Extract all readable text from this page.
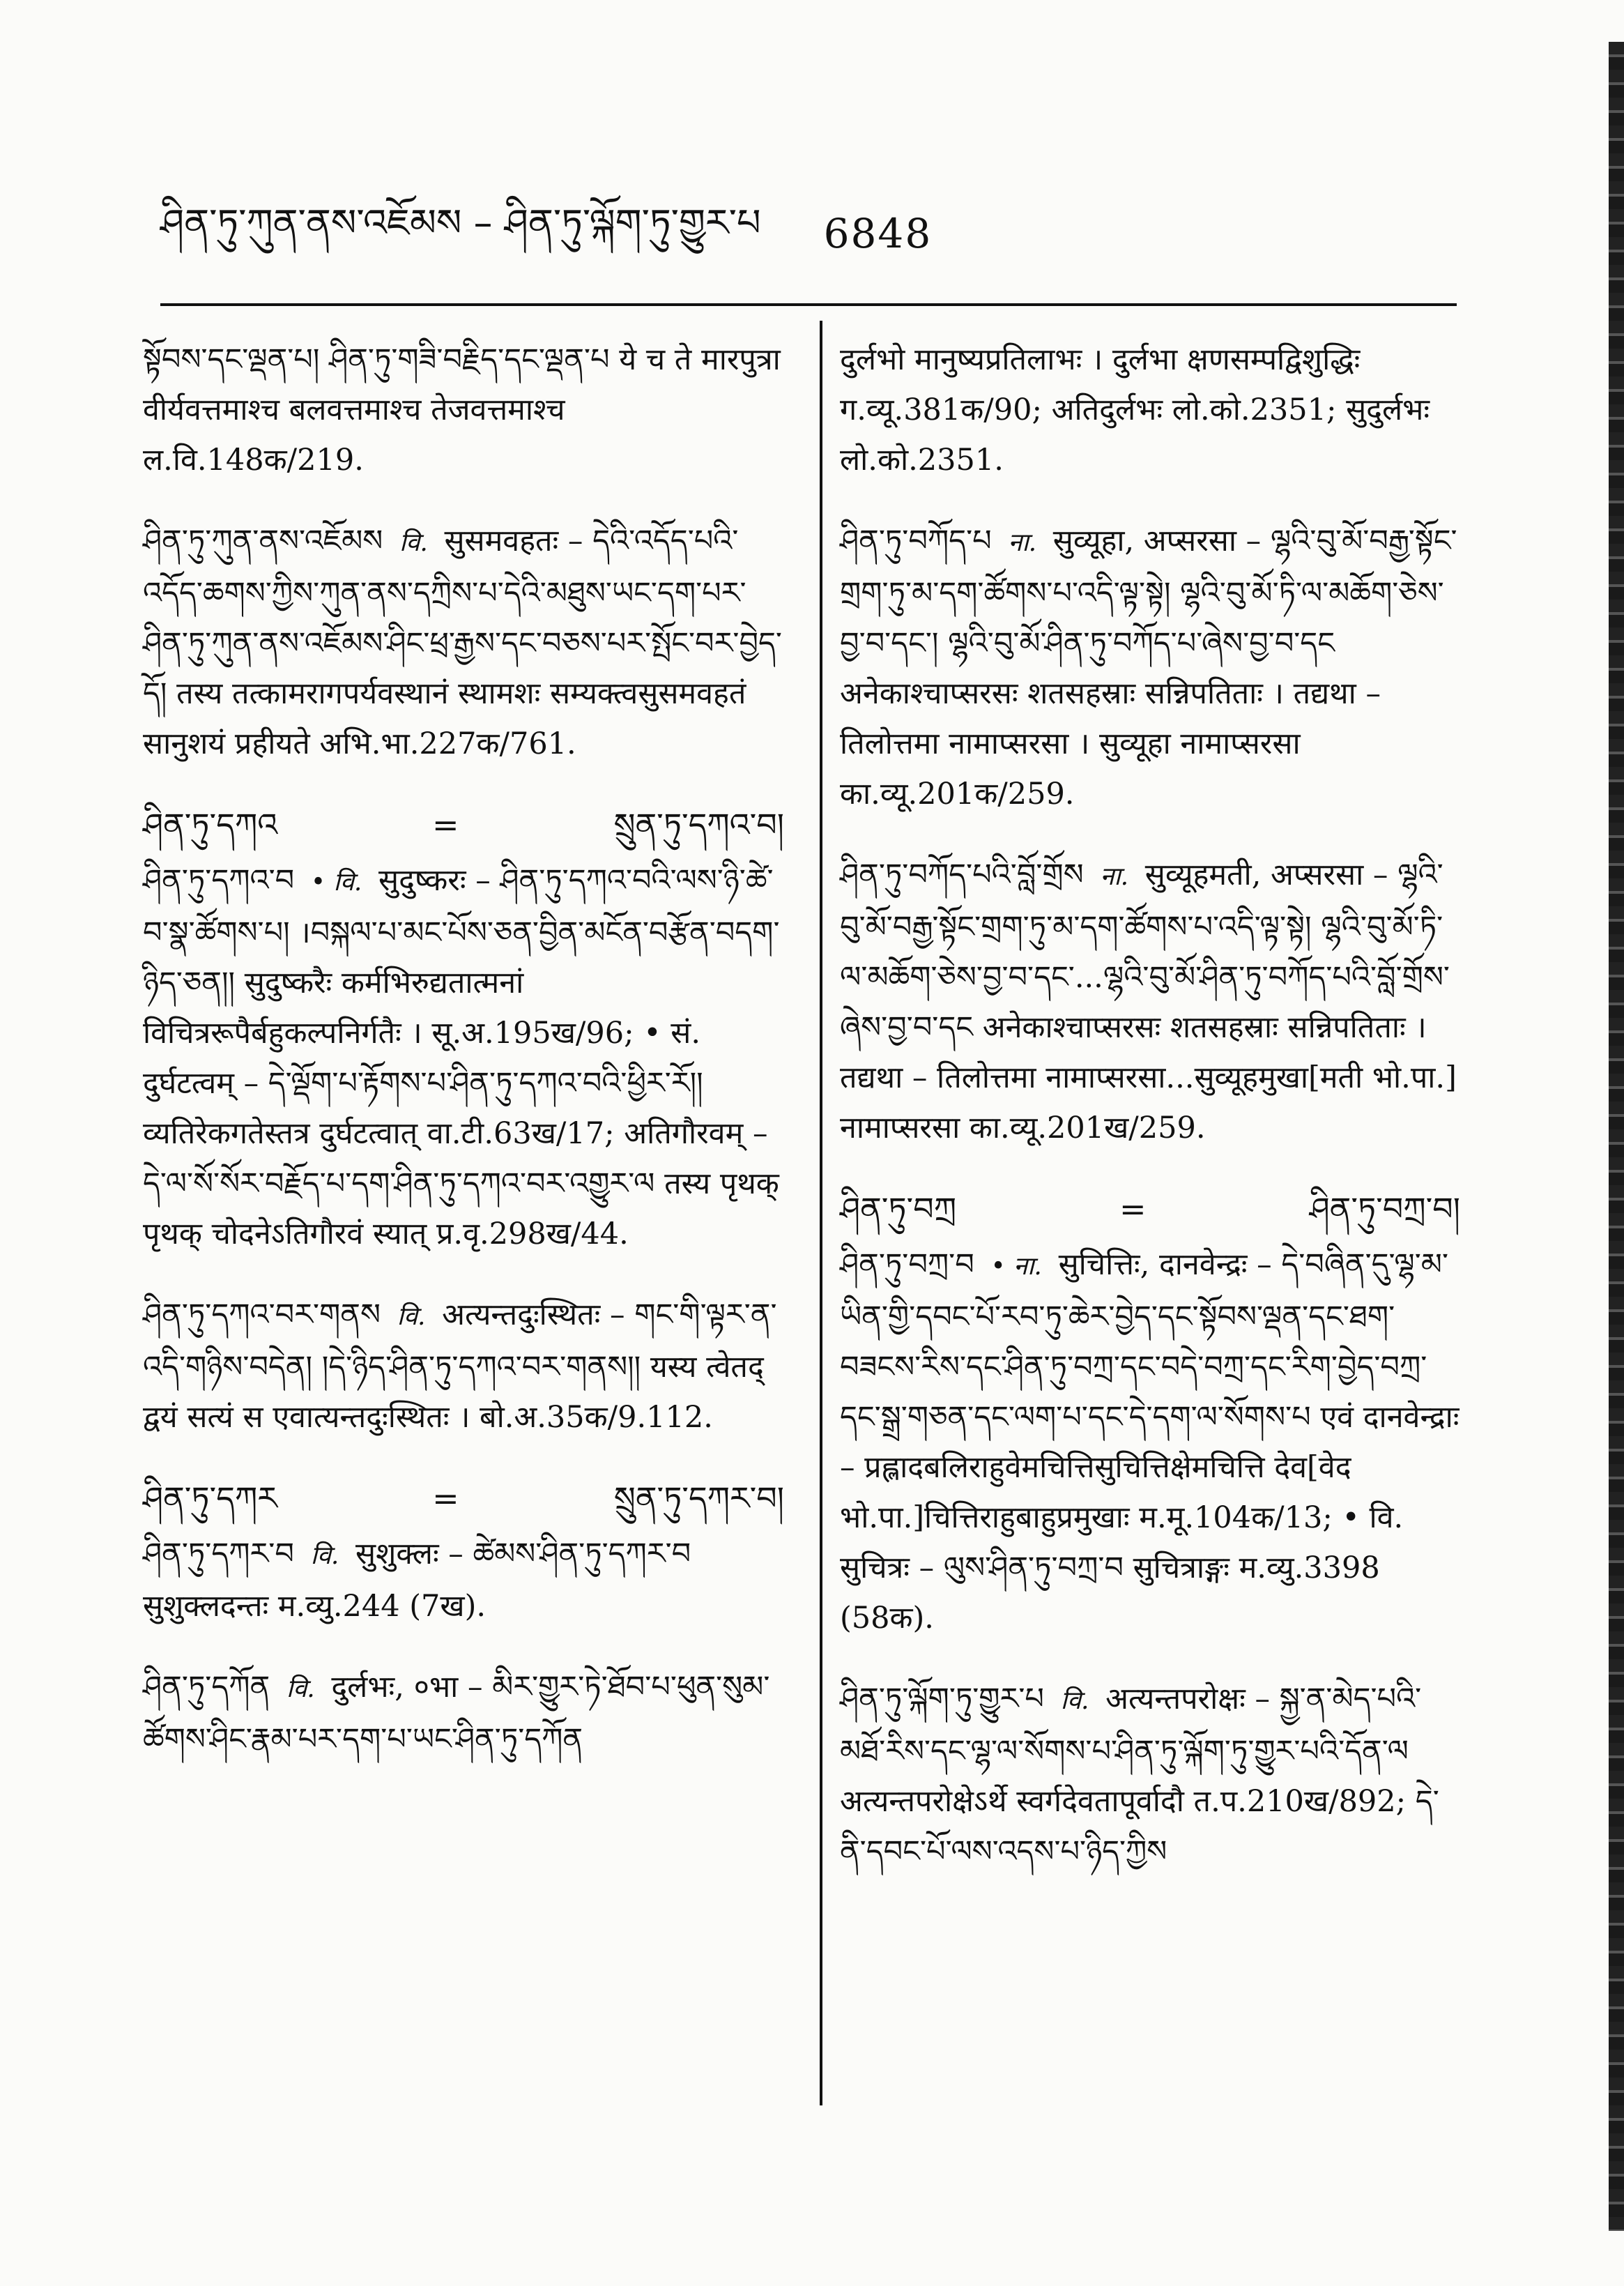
ཤིན་ཏུ་ཀུན་ནས་འཇོམས – ཤིན་ཏུ་ལྐོག་ཏུ་གྱུར་པ 6848
སྟོབས་དང་ལྡན་པ། ཤིན་ཏུ་གཟི་བརྗིད་དང་ལྡན་པ ये च ते मारपुत्रा वीर्यवत्तमाश्च बलवत्तमाश्च तेजवत्तमाश्च ल.वि.148क/219.
ཤིན་ཏུ་ཀུན་ནས་འཇོམས वि. सुसमवहतः – དེའི་འདོད་པའི་འདོད་ཆགས་ཀྱིས་ཀུན་ནས་དཀྲིས་པ་དེའི་མཐུས་ཡང་དག་པར་ཤིན་ཏུ་ཀུན་ནས་འཇོམས་ཤིང་ཕྲ་རྒྱས་དང་བཅས་པར་སྤོང་བར་བྱེད་དོ། तस्य तत्कामरागपर्यवस्थानं स्थामशः सम्यक्त्वसुसमवहतं सानुशयं प्रहीयते अभि.भा.227क/761.
ཤིན་ཏུ་དཀའ	=	སྲུན་ཏུ་དཀའ་བ།
ཤིན་ཏུ་དཀའ་བ • वि. सुदुष्करः – ཤིན་ཏུ་དཀའ་བའི་ལས་ཉི་ཚེ་བ་སྣ་ཚོགས་པ། ।བསྐལ་པ་མང་པོས་ཅན་བྱིན་མངོན་བརྩོན་བདག་ཉིད་ཅན།། सुदुष्करैः कर्मभिरुद्यतात्मनां विचित्ररूपैर्बहुकल्पनिर्गतैः । सू.अ.195ख/96; • सं. दुर्घटत्वम् – དེ་ལྡོག་པ་རྟོགས་པ་ཤིན་ཏུ་དཀའ་བའི་ཕྱིར་རོ།། व्यतिरेकगतेस्तत्र दुर्घटत्वात् वा.टी.63ख/17; अतिगौरवम् – དེ་ལ་སོ་སོར་བརྗོད་པ་དག་ཤིན་ཏུ་དཀའ་བར་འགྱུར་ལ तस्य पृथक् पृथक् चोदनेऽतिगौरवं स्यात् प्र.वृ.298ख/44.
ཤིན་ཏུ་དཀའ་བར་གནས वि. अत्यन्तदुःस्थितः – གང་གི་ལྟར་ན་འདི་གཉིས་བདེན། །དེ་ཉིད་ཤིན་ཏུ་དཀའ་བར་གནས།། यस्य त्वेतद् द्वयं सत्यं स एवात्यन्तदुःस्थितः । बो.अ.35क/9.112.
ཤིན་ཏུ་དཀར	=	སྲུན་ཏུ་དཀར་བ།
ཤིན་ཏུ་དཀར་བ वि. सुशुक्लः – ཚེམས་ཤིན་ཏུ་དཀར་བ सुशुक्लदन्तः म.व्यु.244 (7ख).
ཤིན་ཏུ་དཀོན वि. दुर्लभः, ०भा – མིར་གྱུར་ཏེ་ཐོབ་པ་ཕུན་སུམ་ཚོགས་ཤིང་རྣམ་པར་དག་པ་ཡང་ཤིན་ཏུ་དཀོན
दुर्लभो मानुष्यप्रतिलाभः । दुर्लभा क्षणसम्पद्विशुद्धिः ग.व्यू.381क/90; अतिदुर्लभः लो.को.2351; सुदुर्लभः लो.को.2351.
ཤིན་ཏུ་བཀོད་པ ना. सुव्यूहा, अप्सरसा – ལྷའི་བུ་མོ་བརྒྱ་སྟོང་གྲག་ཏུ་མ་དག་ཚོགས་པ་འདི་ལྟ་སྟེ། ལྷའི་བུ་མོ་ཏི་ལ་མཆོག་ཅེས་བྱ་བ་དང་། ལྷའི་བུ་མོ་ཤིན་ཏུ་བཀོད་པ་ཞེས་བྱ་བ་དང अनेकाश्चाप्सरसः शतसहस्राः सन्निपतिताः । तद्यथा – तिलोत्तमा नामाप्सरसा । सुव्यूहा नामाप्सरसा का.व्यू.201क/259.
ཤིན་ཏུ་བཀོད་པའི་བློ་གྲོས ना. सुव्यूहमती, अप्सरसा – ལྷའི་བུ་མོ་བརྒྱ་སྟོང་གྲག་ཏུ་མ་དག་ཚོགས་པ་འདི་ལྟ་སྟེ། ལྷའི་བུ་མོ་ཏི་ལ་མཆོག་ཅེས་བྱ་བ་དང་...ལྷའི་བུ་མོ་ཤིན་ཏུ་བཀོད་པའི་བློ་གྲོས་ཞེས་བྱ་བ་དང अनेकाश्चाप्सरसः शतसहस्राः सन्निपतिताः । तद्यथा – तिलोत्तमा नामाप्सरसा...सुव्यूहमुखा[मती भो.पा.] नामाप्सरसा का.व्यू.201ख/259.
ཤིན་ཏུ་བཀྲ	=	ཤིན་ཏུ་བཀྲ་བ།
ཤིན་ཏུ་བཀྲ་བ • ना. सुचित्तिः, दानवेन्द्रः – དེ་བཞིན་དུ་ལྷ་མ་ཡིན་གྱི་དབང་པོ་རབ་ཏུ་ཆེར་བྱེད་དང་སྟོབས་ལྡན་དང་ཐག་བཟངས་རིས་དང་ཤིན་ཏུ་བཀྲ་དང་བདེ་བཀྲ་དང་རིག་བྱེད་བཀྲ་དང་སྒྲ་གཅན་དང་ལག་པ་དང་དེ་དག་ལ་སོགས་པ एवं दानवेन्द्राः – प्रह्लादबलिराहुवेमचित्तिसुचित्तिक्षेमचित्ति देव[वेद भो.पा.]चित्तिराहुबाहुप्रमुखाः म.मू.104क/13; • वि. सुचित्रः – ལུས་ཤིན་ཏུ་བཀྲ་བ सुचित्राङ्गः म.व्यु.3398 (58क).
ཤིན་ཏུ་ལྐོག་ཏུ་གྱུར་པ वि. अत्यन्तपरोक्षः – སྐྱ་ན་མེད་པའི་མཐོ་རིས་དང་ལྷ་ལ་སོགས་པ་ཤིན་ཏུ་ལྐོག་ཏུ་གྱུར་པའི་དོན་ལ अत्यन्तपरोक्षेऽर्थे स्वर्गदेवतापूर्वादौ त.प.210ख/892; དེ་ནི་དབང་པོ་ལས་འདས་པ་ཉིད་ཀྱིས
